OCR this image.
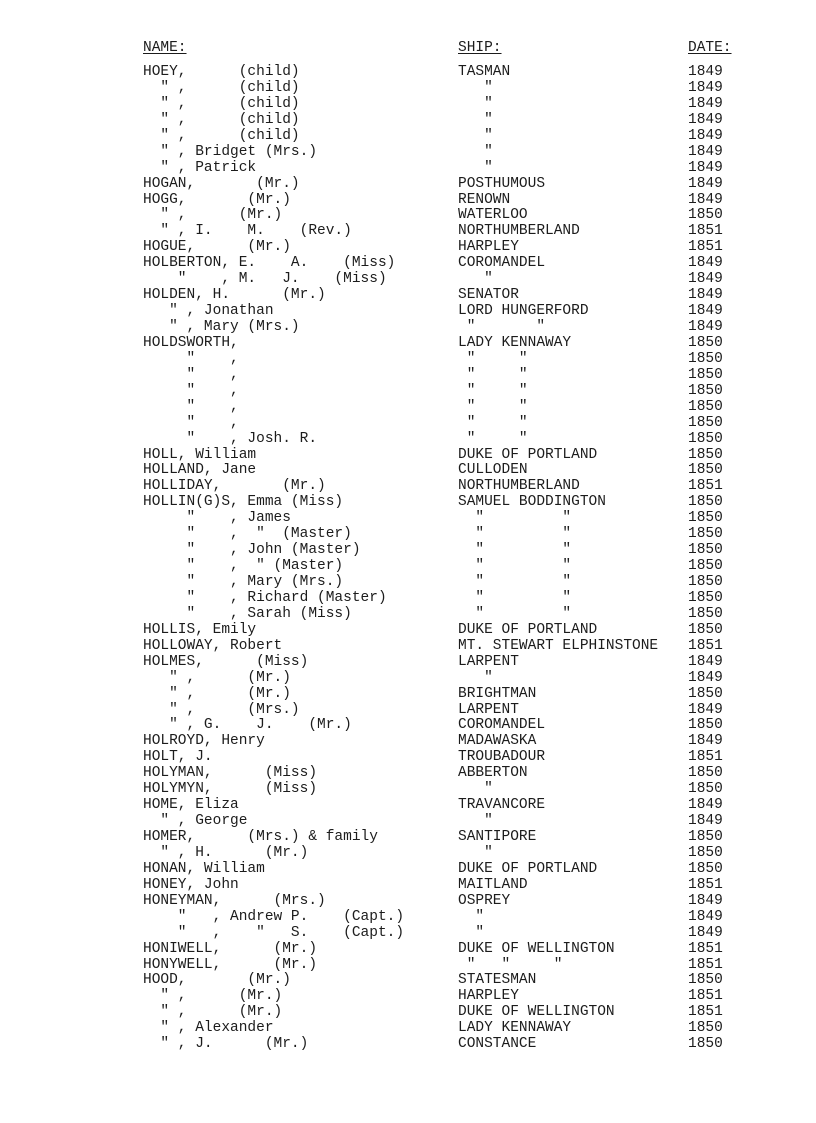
NAME:	SHIP:	DATE:
HOEY,      (child)	TASMAN	1849
" ,      (child)	"	1849
" ,      (child)	"	1849
" ,      (child)	"	1849
" ,      (child)	"	1849
" , Bridget (Mrs.)	"	1849
" , Patrick	"	1849
HOGAN,       (Mr.)	POSTHUMOUS	1849
HOGG,       (Mr.)	RENOWN	1849
" ,      (Mr.)	WATERLOO	1850
" , I.    M.    (Rev.)	NORTHUMBERLAND	1851
HOGUE,      (Mr.)	HARPLEY	1851
HOLBERTON, E.    A.    (Miss)	COROMANDEL	1849
"    , M.   J.    (Miss)	"	1849
HOLDEN, H.      (Mr.)	SENATOR	1849
" , Jonathan	LORD HUNGERFORD	1849
" , Mary (Mrs.)	"       "	1849
HOLDSWORTH,	LADY KENNAWAY	1850
"    ,	"     "	1850
"    ,	"     "	1850
"    ,	"     "	1850
"    ,	"     "	1850
"    ,	"     "	1850
"    , Josh. R.	"     "	1850
HOLL, William	DUKE OF PORTLAND	1850
HOLLAND, Jane	CULLODEN	1850
HOLLIDAY,       (Mr.)	NORTHUMBERLAND	1851
HOLLIN(G)S, Emma (Miss)	SAMUEL BODDINGTON	1850
"    , James	"         "	1850
"    ,  "  (Master)	"         "	1850
"    , John (Master)	"         "	1850
"    ,  " (Master)	"         "	1850
"    , Mary (Mrs.)	"         "	1850
"    , Richard (Master)	"         "	1850
"    , Sarah (Miss)	"         "	1850
HOLLIS, Emily	DUKE OF PORTLAND	1850
HOLLOWAY, Robert	MT. STEWART ELPHINSTONE 1851
HOLMES,      (Miss)	LARPENT	1849
" ,      (Mr.)	"	1849
" ,      (Mr.)	BRIGHTMAN	1850
" ,      (Mrs.)	LARPENT	1849
" , G.    J.    (Mr.)	COROMANDEL	1850
HOLROYD, Henry	MADAWASKA	1849
HOLT, J.	TROUBADOUR	1851
HOLYMAN,      (Miss)	ABBERTON	1850
HOLYMYN,      (Miss)	"	1850
HOME, Eliza	TRAVANCORE	1849
" , George	"	1849
HOMER,      (Mrs.) & family	SANTIPORE	1850
" , H.      (Mr.)	"	1850
HONAN, William	DUKE OF PORTLAND	1850
HONEY, John	MAITLAND	1851
HONEYMAN,      (Mrs.)	OSPREY	1849
"   , Andrew P.    (Capt.)	"	1849
"   ,    "   S.    (Capt.)	"	1849
HONIWELL,      (Mr.)	DUKE OF WELLINGTON	1851
HONYWELL,      (Mr.)	"   "     "	1851
HOOD,       (Mr.)	STATESMAN	1850
" ,      (Mr.)	HARPLEY	1851
" ,      (Mr.)	DUKE OF WELLINGTON	1851
" , Alexander	LADY KENNAWAY	1850
" , J.      (Mr.)	CONSTANCE	1850
